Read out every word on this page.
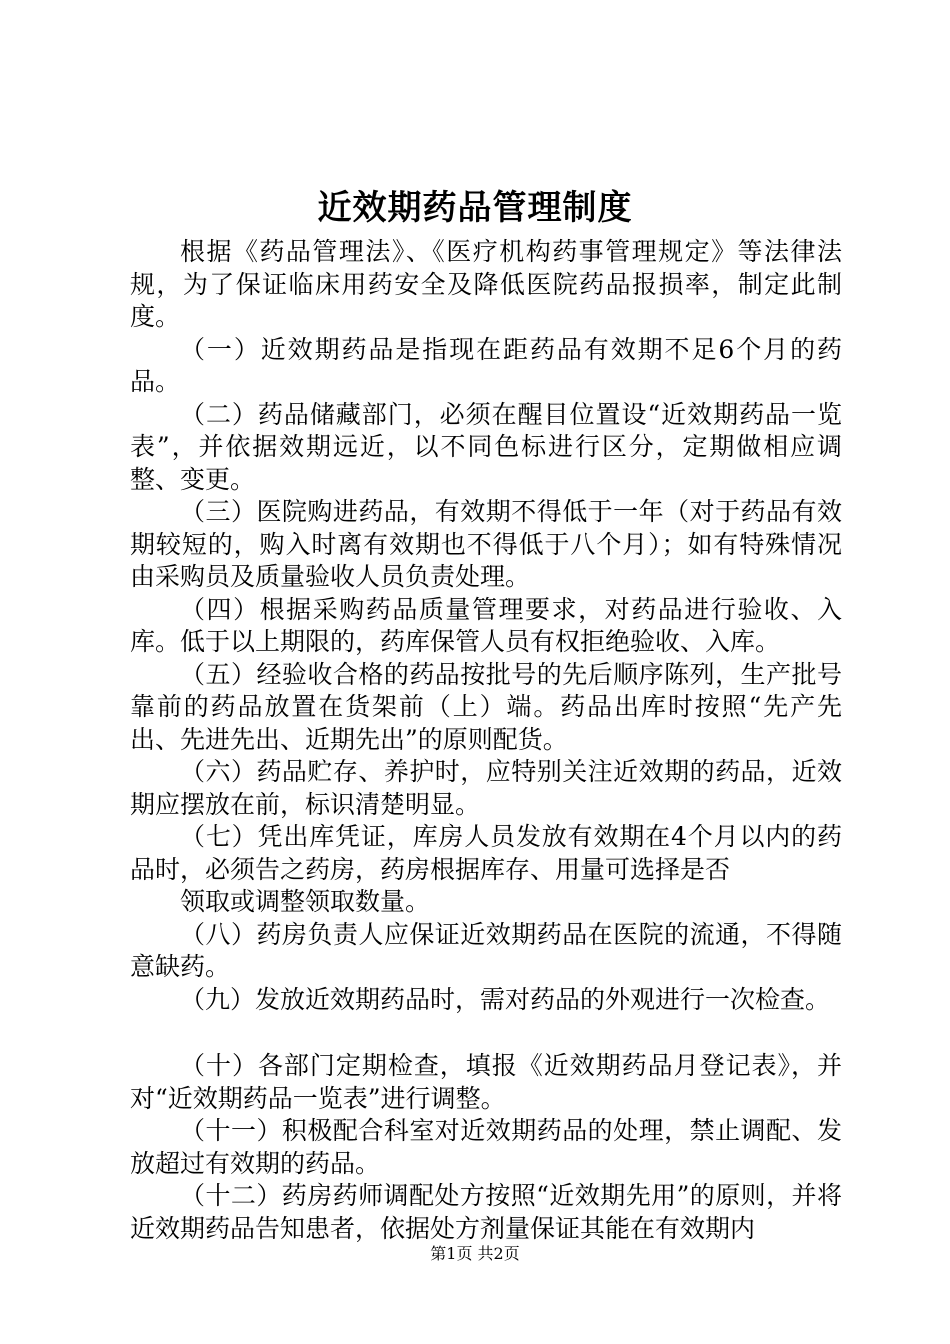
近效期药品管理制度

根据《药品管理法》、《医疗机构药事管理规定》等法律法规，为了保证临床用药安全及降低医院药品报损率，制定此制度。

（一）近效期药品是指现在距药品有效期不足6个月的药品。

（二）药品储藏部门，必须在醒目位置设“近效期药品一览表”，并依据效期远近，以不同色标进行区分，定期做相应调整、变更。

（三）医院购进药品，有效期不得低于一年（对于药品有效期较短的，购入时离有效期也不得低于八个月）；如有特殊情况由采购员及质量验收人员负责处理。

（四）根据采购药品质量管理要求，对药品进行验收、入库。低于以上期限的，药库保管人员有权拒绝验收、入库。

（五）经验收合格的药品按批号的先后顺序陈列，生产批号靠前的药品放置在货架前（上）端。药品出库时按照“先产先出、先进先出、近期先出”的原则配货。

（六）药品贮存、养护时，应特别关注近效期的药品，近效期应摆放在前，标识清楚明显。

（七）凭出库凭证，库房人员发放有效期在4个月以内的药品时，必须告之药房，药房根据库存、用量可选择是否

领取或调整领取数量。

（八）药房负责人应保证近效期药品在医院的流通，不得随意缺药。

（九）发放近效期药品时，需对药品的外观进行一次检查。

（十）各部门定期检查，填报《近效期药品月登记表》，并对“近效期药品一览表”进行调整。

（十一）积极配合科室对近效期药品的处理，禁止调配、发放超过有效期的药品。

（十二）药房药师调配处方按照“近效期先用”的原则，并将近效期药品告知患者，依据处方剂量保证其能在有效期内

第1页 共2页
